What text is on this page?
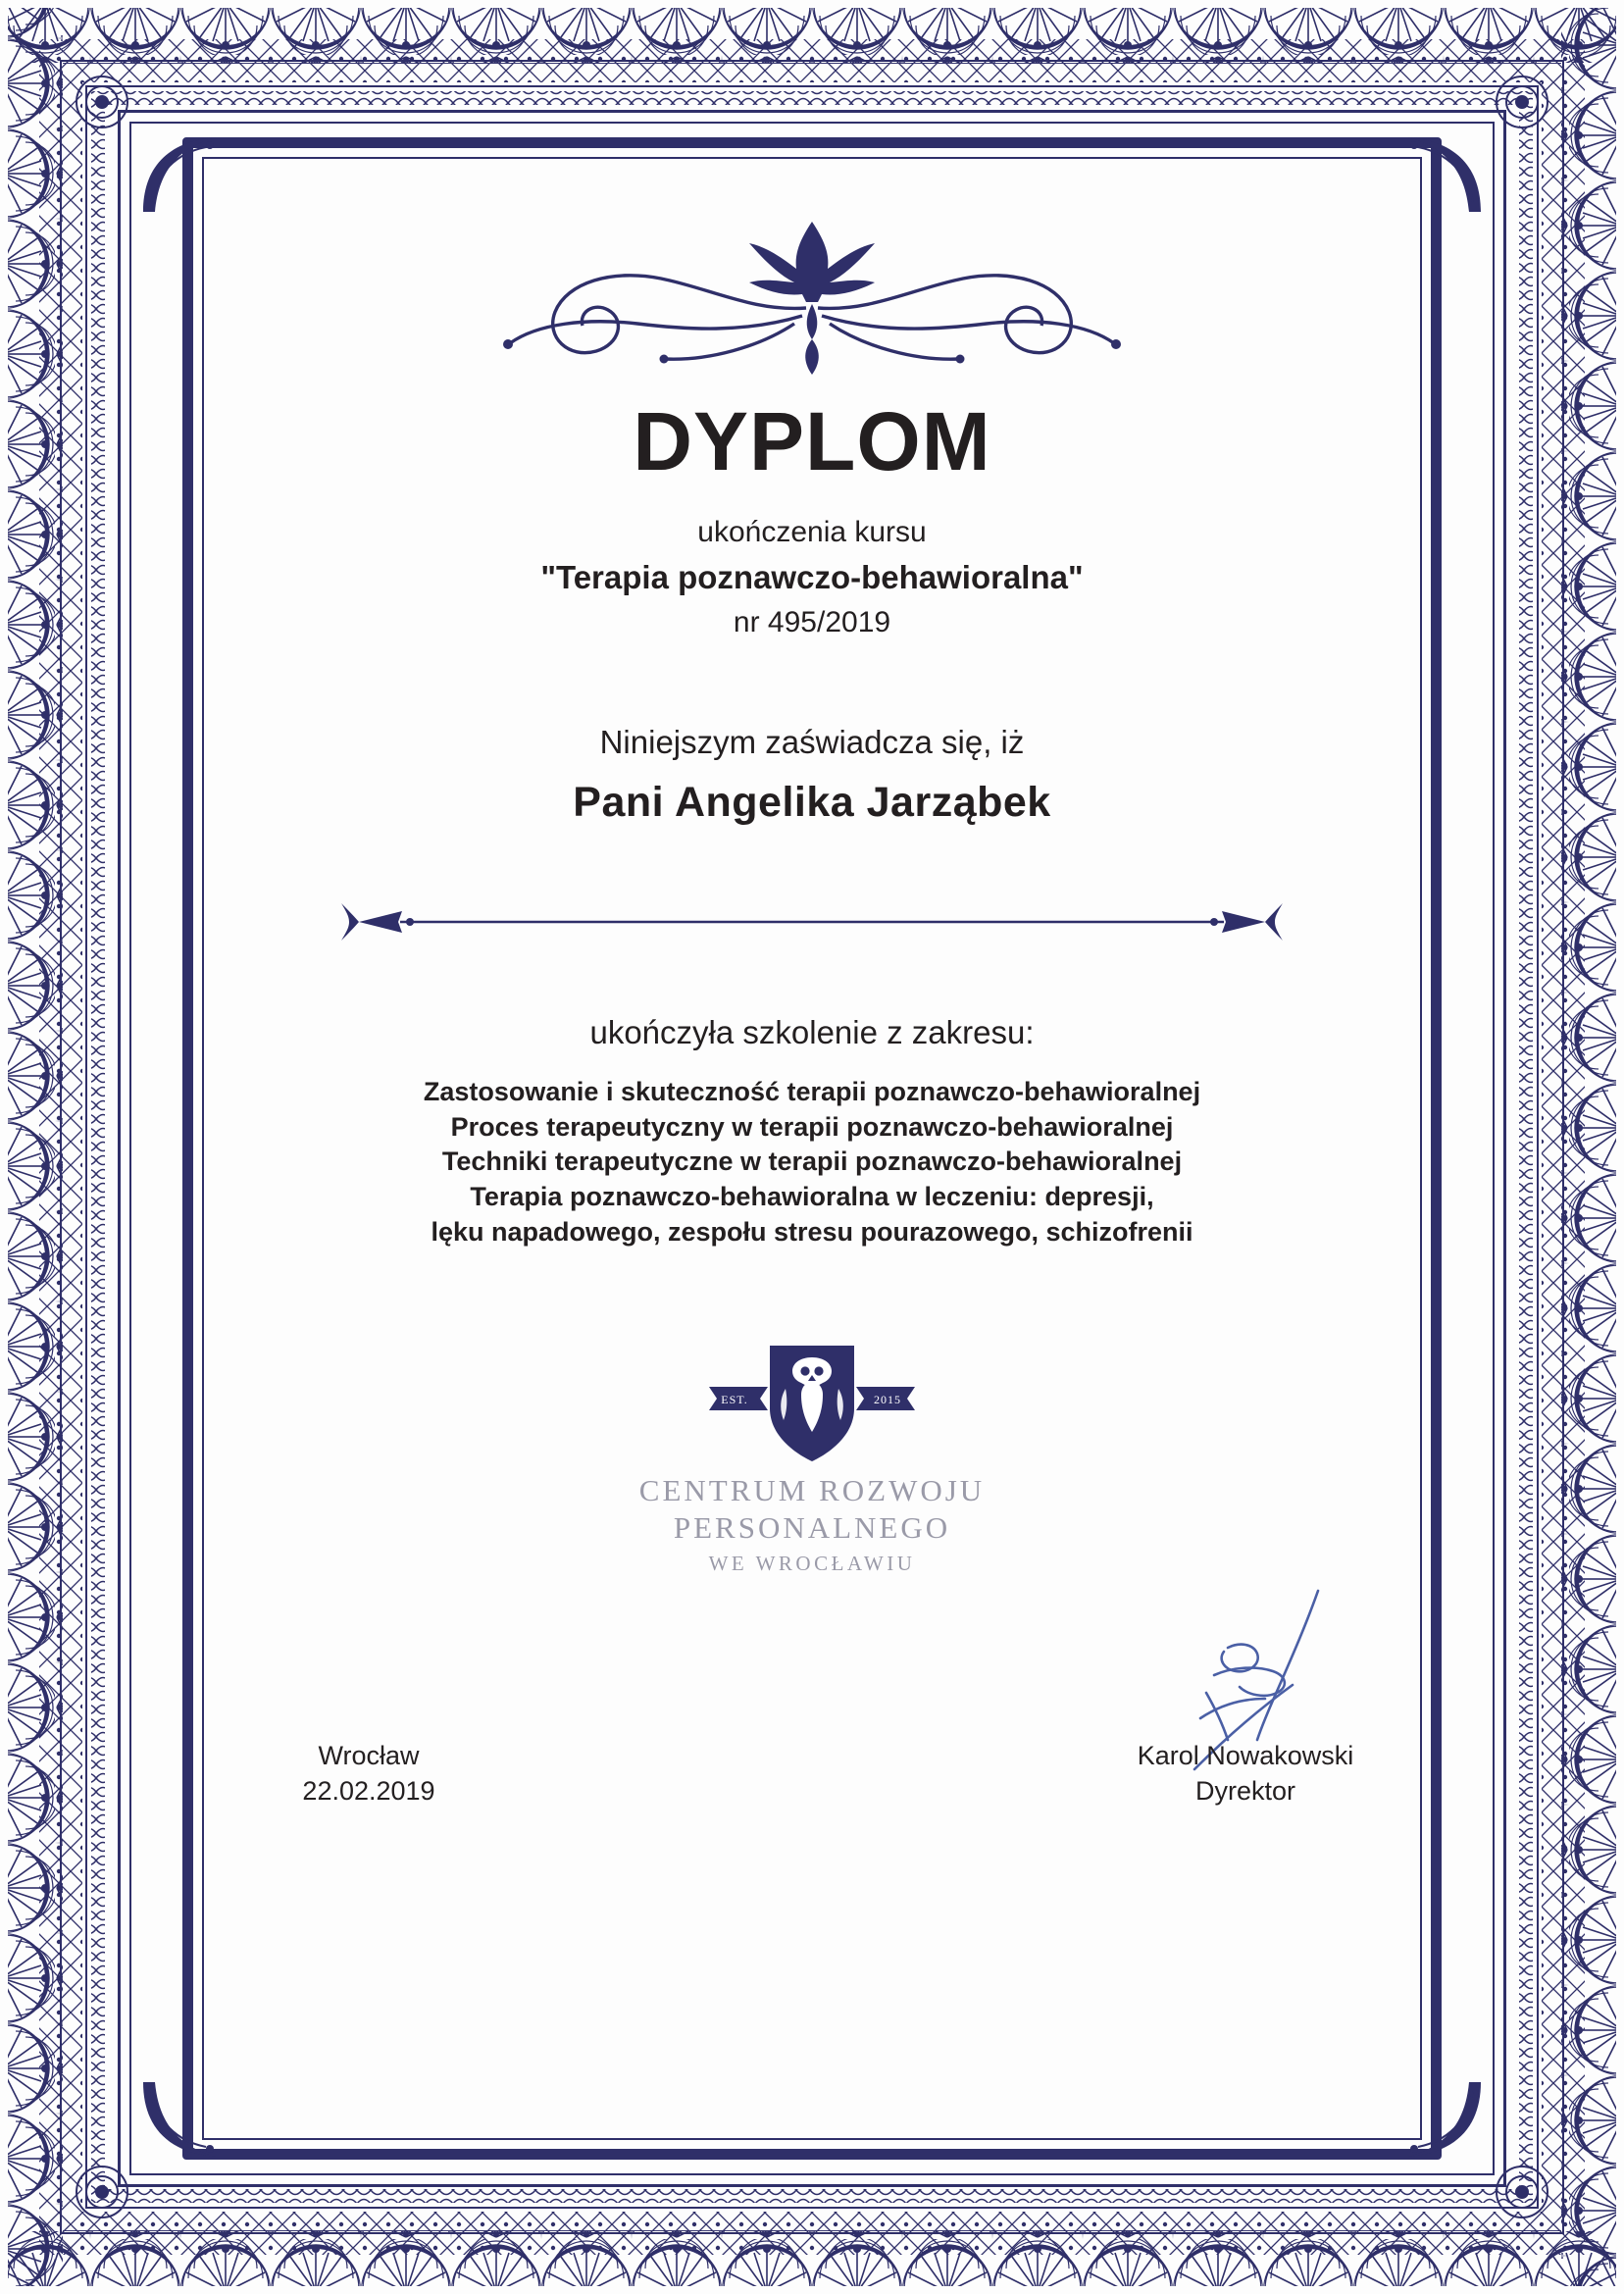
DYPLOM
ukończenia kursu
"Terapia poznawczo-behawioralna"
nr 495/2019
Niniejszym zaświadcza się, iż
Pani Angelika Jarząbek
ukończyła szkolenie z zakresu:
Zastosowanie i skuteczność terapii poznawczo-behawioralnej
Proces terapeutyczny w terapii poznawczo-behawioralnej
Techniki terapeutyczne w terapii poznawczo-behawioralnej
Terapia poznawczo-behawioralna w leczeniu: depresji,
lęku napadowego, zespołu stresu pourazowego, schizofrenii
EST.	2015
CENTRUM ROZWOJU
PERSONALNEGO
WE WROCŁAWIU
Wrocław
22.02.2019
Karol Nowakowski
Dyrektor
